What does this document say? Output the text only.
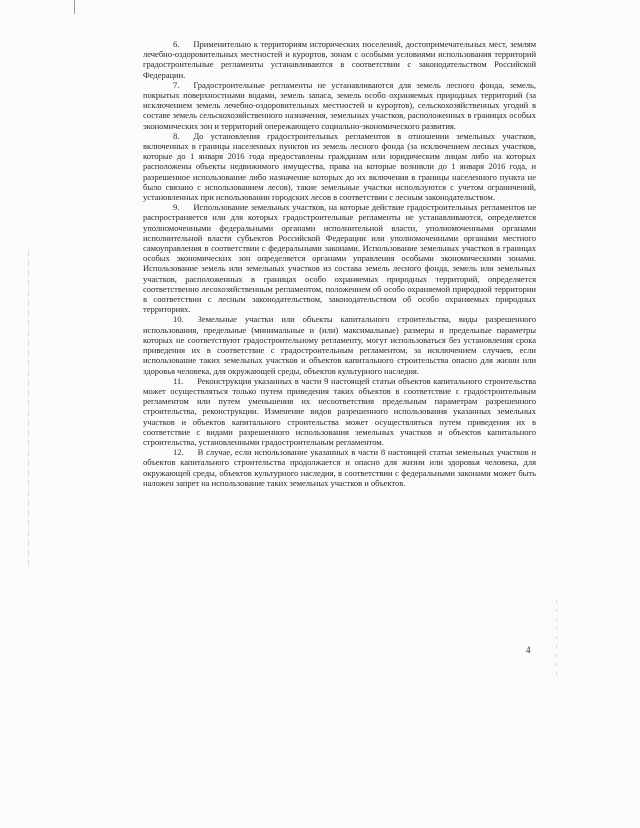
6. Применительно к территориям исторических поселений, достопримечательных мест, землям лечебно-оздоровительных местностей и курортов, зонам с особыми условиями использования территорий градостроительные регламенты устанавливаются в соответствии с законодательством Российской Федерации.

7. Градостроительные регламенты не устанавливаются для земель лесного фонда, земель, покрытых поверхностными водами, земель запаса, земель особо охраняемых природных территорий (за исключением земель лечебно-оздоровительных местностей и курортов), сельскохозяйственных угодий в составе земель сельскохозяйственного назначения, земельных участков, расположенных в границах особых экономических зон и территорий опережающего социально-экономического развития.

8. До установления градостроительных регламентов в отношении земельных участков, включенных в границы населенных пунктов из земель лесного фонда (за исключением лесных участков, которые до 1 января 2016 года предоставлены гражданам или юридическим лицам либо на которых расположены объекты недвижимого имущества, права на которые возникли до 1 января 2016 года, и разрешенное использование либо назначение которых до их включения в границы населенного пункта не было связано с использованием лесов), такие земельные участки используются с учетом ограничений, установленных при использовании городских лесов в соответствии с лесным законодательством.

9. Использование земельных участков, на которые действие градостроительных регламентов не распространяется или для которых градостроительные регламенты не устанавливаются, определяется уполномоченными федеральными органами исполнительной власти, уполномоченными органами исполнительной власти субъектов Российской Федерации или уполномоченными органами местного самоуправления в соответствии с федеральными законами. Использование земельных участков в границах особых экономических зон определяется органами управления особыми экономическими зонами. Использование земель или земельных участков из состава земель лесного фонда, земель или земельных участков, расположенных в границах особо охраняемых природных территорий, определяется соответственно лесохозяйственным регламентом, положением об особо охраняемой природной территории в соответствии с лесным законодательством, законодательством об особо охраняемых природных территориях.

10. Земельные участки или объекты капитального строительства, виды разрешенного использования, предельные (минимальные и (или) максимальные) размеры и предельные параметры которых не соответствуют градостроительному регламенту, могут использоваться без установления срока приведения их в соответствие с градостроительным регламентом, за исключением случаев, если использование таких земельных участков и объектов капитального строительства опасно для жизни или здоровья человека, для окружающей среды, объектов культурного наследия.

11. Реконструкция указанных в части 9 настоящей статьи объектов капитального строительства может осуществляться только путем приведения таких объектов в соответствие с градостроительным регламентом или путем уменьшения их несоответствия предельным параметрам разрешенного строительства, реконструкции. Изменение видов разрешенного использования указанных земельных участков и объектов капитального строительства может осуществляться путем приведения их в соответствие с видами разрешенного использования земельных участков и объектов капитального строительства, установленными градостроительным регламентом.

12. В случае, если использование указанных в части 8 настоящей статьи земельных участков и объектов капитального строительства продолжается и опасно для жизни или здоровья человека, для окружающей среды, объектов культурного наследия, в соответствии с федеральными законами может быть наложен запрет на использование таких земельных участков и объектов.

4
